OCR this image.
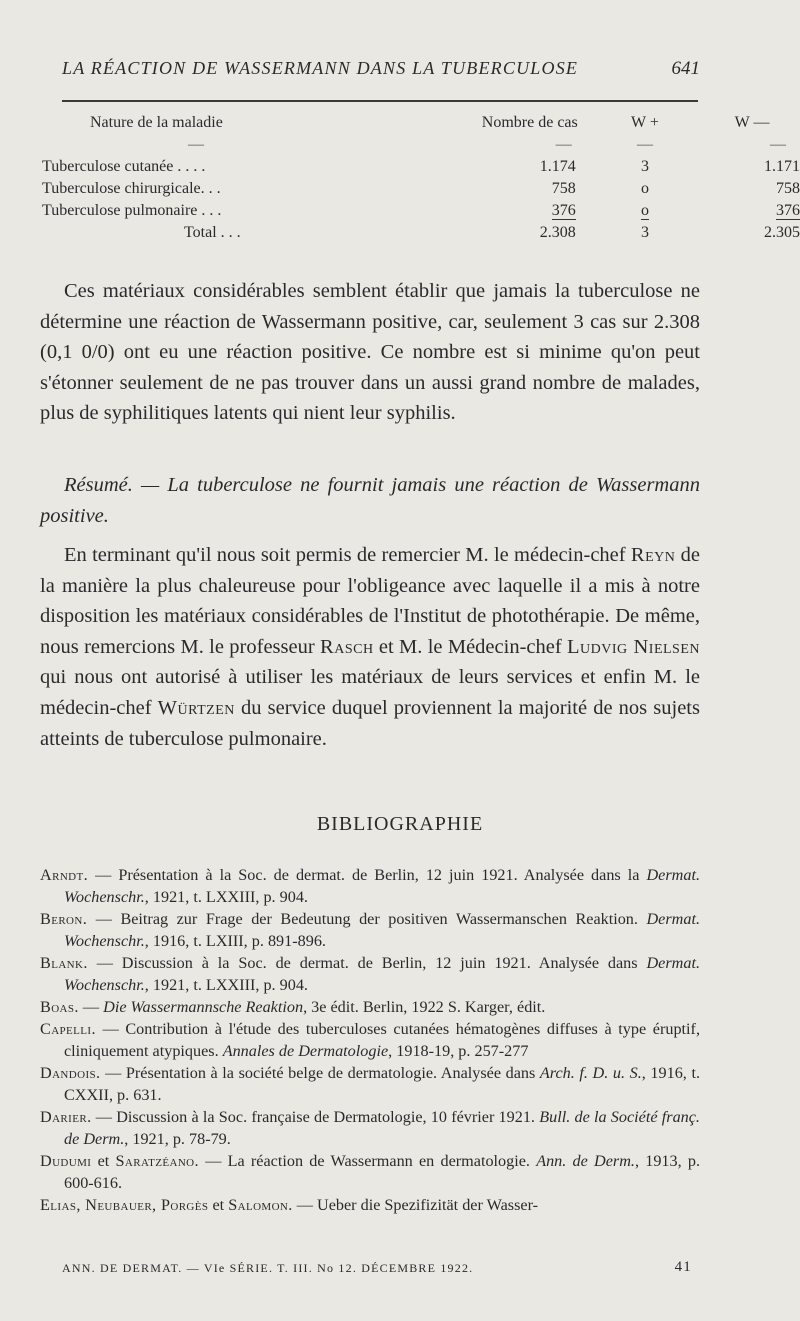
LA RÉACTION DE WASSERMANN DANS LA TUBERCULOSE	641
Nature de la maladie	Nombre de cas	W +	W —
—	—	—	—
Tuberculose cutanée . . . .	1.174	3	1.171
Tuberculose chirurgicale. . .	758	o	758
Tuberculose pulmonaire . . .	376	o	376
Total . . .	2.308	3	2.305
Ces matériaux considérables semblent établir que jamais la tuberculose ne détermine une réaction de Wassermann positive, car, seulement 3 cas sur 2.308 (0,1 0/0) ont eu une réaction positive. Ce nombre est si minime qu'on peut s'étonner seulement de ne pas trouver dans un aussi grand nombre de malades, plus de syphilitiques latents qui nient leur syphilis.
Résumé. — La tuberculose ne fournit jamais une réaction de Wassermann positive.
En terminant qu'il nous soit permis de remercier M. le médecin-chef Reyn de la manière la plus chaleureuse pour l'obligeance avec laquelle il a mis à notre disposition les matériaux considérables de l'Institut de photothérapie. De même, nous remercions M. le professeur Rasch et M. le Médecin-chef Ludvig Nielsen qui nous ont autorisé à utiliser les matériaux de leurs services et enfin M. le médecin-chef Würtzen du service duquel proviennent la majorité de nos sujets atteints de tuberculose pulmonaire.
BIBLIOGRAPHIE

Arndt. — Présentation à la Soc. de dermat. de Berlin, 12 juin 1921. Analysée dans la Dermat. Wochenschr., 1921, t. LXXIII, p. 904.

Beron. — Beitrag zur Frage der Bedeutung der positiven Wassermanschen Reaktion. Dermat. Wochenschr., 1916, t. LXIII, p. 891-896.

Blank. — Discussion à la Soc. de dermat. de Berlin, 12 juin 1921. Analysée dans Dermat. Wochenschr., 1921, t. LXXIII, p. 904.

Boas. — Die Wassermannsche Reaktion, 3e édit. Berlin, 1922 S. Karger, édit.

Capelli. — Contribution à l'étude des tuberculoses cutanées hématogènes diffuses à type éruptif, cliniquement atypiques. Annales de Dermatologie, 1918-19, p. 257-277

Dandois. — Présentation à la société belge de dermatologie. Analysée dans Arch. f. D. u. S., 1916, t. CXXII, p. 631.

Darier. — Discussion à la Soc. française de Dermatologie, 10 février 1921. Bull. de la Société franç. de Derm., 1921, p. 78-79.

Dudumi et Saratzéano. — La réaction de Wassermann en dermatologie. Ann. de Derm., 1913, p. 600-616.

Elias, Neubauer, Porgès et Salomon. — Ueber die Spezifizität der Wasser-

ANN. DE DERMAT. — VIe SÉRIE. T. III. No 12. DÉCEMBRE 1922.	41
